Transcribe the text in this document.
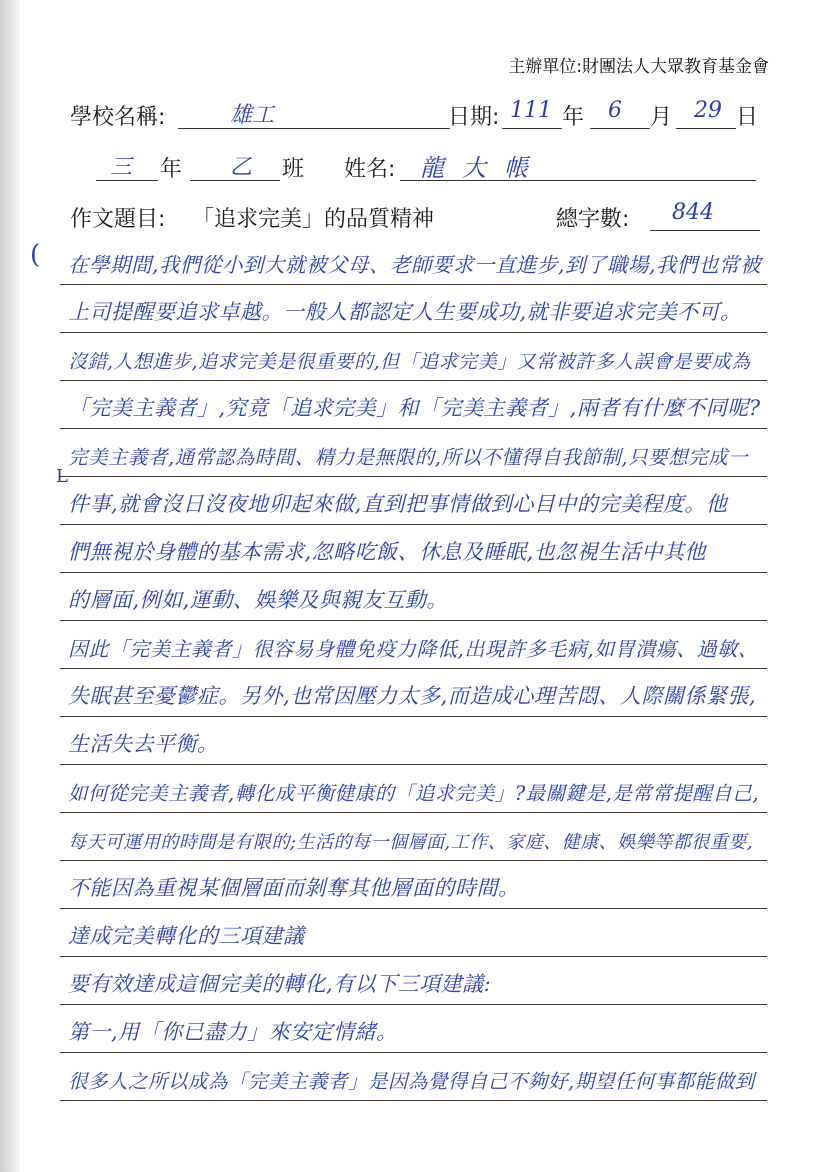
主辦單位:財團法人大眾教育基金會
學校名稱:	雄工	日期: 111 年 6 月 29 日
三 年 乙 班 姓名: 龍大帳
作文題目: 「追求完美」的品質精神	總字數: 844
(
L
在學期間,我們從小到大就被父母、老師要求一直進步,到了職場,我們也常被
上司提醒要追求卓越。一般人都認定人生要成功,就非要追求完美不可。
沒錯,人想進步,追求完美是很重要的,但「追求完美」又常被許多人誤會是要成為
「完美主義者」,究竟「追求完美」和「完美主義者」,兩者有什麼不同呢?
完美主義者,通常認為時間、精力是無限的,所以不懂得自我節制,只要想完成一
件事,就會沒日沒夜地卯起來做,直到把事情做到心目中的完美程度。他
們無視於身體的基本需求,忽略吃飯、休息及睡眠,也忽視生活中其他
的層面,例如,運動、娛樂及與親友互動。
因此「完美主義者」很容易身體免疫力降低,出現許多毛病,如胃潰瘍、過敏、
失眠甚至憂鬱症。另外,也常因壓力太多,而造成心理苦悶、人際關係緊張,
生活失去平衡。
如何從完美主義者,轉化成平衡健康的「追求完美」?最關鍵是,是常常提醒自己,
每天可運用的時間是有限的;生活的每一個層面,工作、家庭、健康、娛樂等都很重要,
不能因為重視某個層面而剝奪其他層面的時間。
達成完美轉化的三項建議
要有效達成這個完美的轉化,有以下三項建議:
第一,用「你已盡力」來安定情緒。
很多人之所以成為「完美主義者」是因為覺得自己不夠好,期望任何事都能做到
